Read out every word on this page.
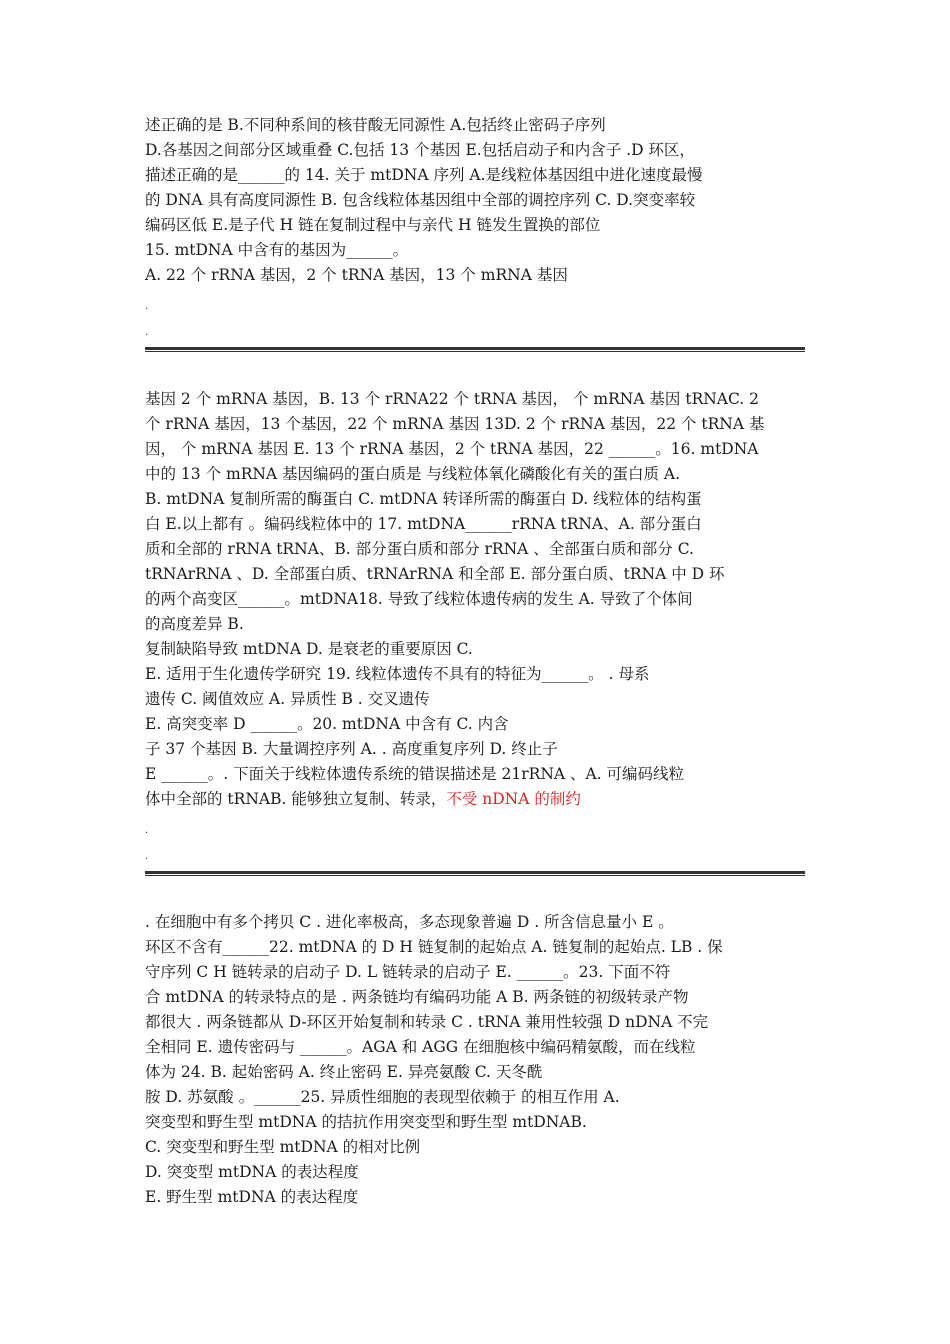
述正确的是 B.不同种系间的核苷酸无同源性 A.包括终止密码子序列
D.各基因之间部分区域重叠 C.包括 13 个基因 E.包括启动子和内含子 .D 环区，
描述正确的是______的 14. 关于 mtDNA 序列 A.是线粒体基因组中进化速度最慢
的 DNA 具有高度同源性 B. 包含线粒体基因组中全部的调控序列 C. D.突变率较
编码区低 E.是子代 H 链在复制过程中与亲代 H 链发生置换的部位
15. mtDNA 中含有的基因为______。
A. 22 个 rRNA 基因，2 个 tRNA 基因，13 个 mRNA 基因
.
.
基因 2 个 mRNA 基因，B. 13 个 rRNA22 个 tRNA 基因， 个 mRNA 基因 tRNAC. 2
个 rRNA 基因，13 个基因，22 个 mRNA 基因 13D. 2 个 rRNA 基因，22 个 tRNA 基
因， 个 mRNA 基因 E. 13 个 rRNA 基因，2 个 tRNA 基因，22 ______。16. mtDNA
中的 13 个 mRNA 基因编码的蛋白质是 与线粒体氧化磷酸化有关的蛋白质 A.
B. mtDNA 复制所需的酶蛋白 C. mtDNA 转译所需的酶蛋白 D. 线粒体的结构蛋
白 E.以上都有 。编码线粒体中的 17. mtDNA______rRNA tRNA、A. 部分蛋白
质和全部的 rRNA tRNA、B. 部分蛋白质和部分 rRNA 、全部蛋白质和部分 C.
tRNArRNA 、D. 全部蛋白质、tRNArRNA 和全部 E. 部分蛋白质、tRNA 中 D 环
的两个高变区______。mtDNA18. 导致了线粒体遗传病的发生 A. 导致了个体间
的高度差异 B.
复制缺陷导致 mtDNA D. 是衰老的重要原因 C.
E. 适用于生化遗传学研究 19. 线粒体遗传不具有的特征为______。 . 母系
遗传 C. 阈值效应 A. 异质性 B . 交叉遗传
E. 高突变率 D ______。20. mtDNA 中含有 C. 内含
子 37 个基因 B. 大量调控序列 A. . 高度重复序列 D. 终止子
E ______。. 下面关于线粒体遗传系统的错误描述是 21rRNA 、A. 可编码线粒
体中全部的 tRNAB. 能够独立复制、转录，不受 nDNA 的制约
.
.
. 在细胞中有多个拷贝 C . 进化率极高，多态现象普遍 D . 所含信息量小 E 。
环区不含有______22. mtDNA 的 D H 链复制的起始点 A. 链复制的起始点. LB . 保
守序列 C H 链转录的启动子 D. L 链转录的启动子 E. ______。23. 下面不符
合 mtDNA 的转录特点的是 . 两条链均有编码功能 A B. 两条链的初级转录产物
都很大 . 两条链都从 D-环区开始复制和转录 C . tRNA 兼用性较强 D nDNA 不完
全相同 E. 遗传密码与 ______。AGA 和 AGG 在细胞核中编码精氨酸，而在线粒
体为 24. B. 起始密码 A. 终止密码 E. 异亮氨酸 C. 天冬酰
胺 D. 苏氨酸 。______25. 异质性细胞的表现型依赖于 的相互作用 A.
突变型和野生型 mtDNA 的拮抗作用突变型和野生型 mtDNAB.
C. 突变型和野生型 mtDNA 的相对比例
D. 突变型 mtDNA 的表达程度
E. 野生型 mtDNA 的表达程度
